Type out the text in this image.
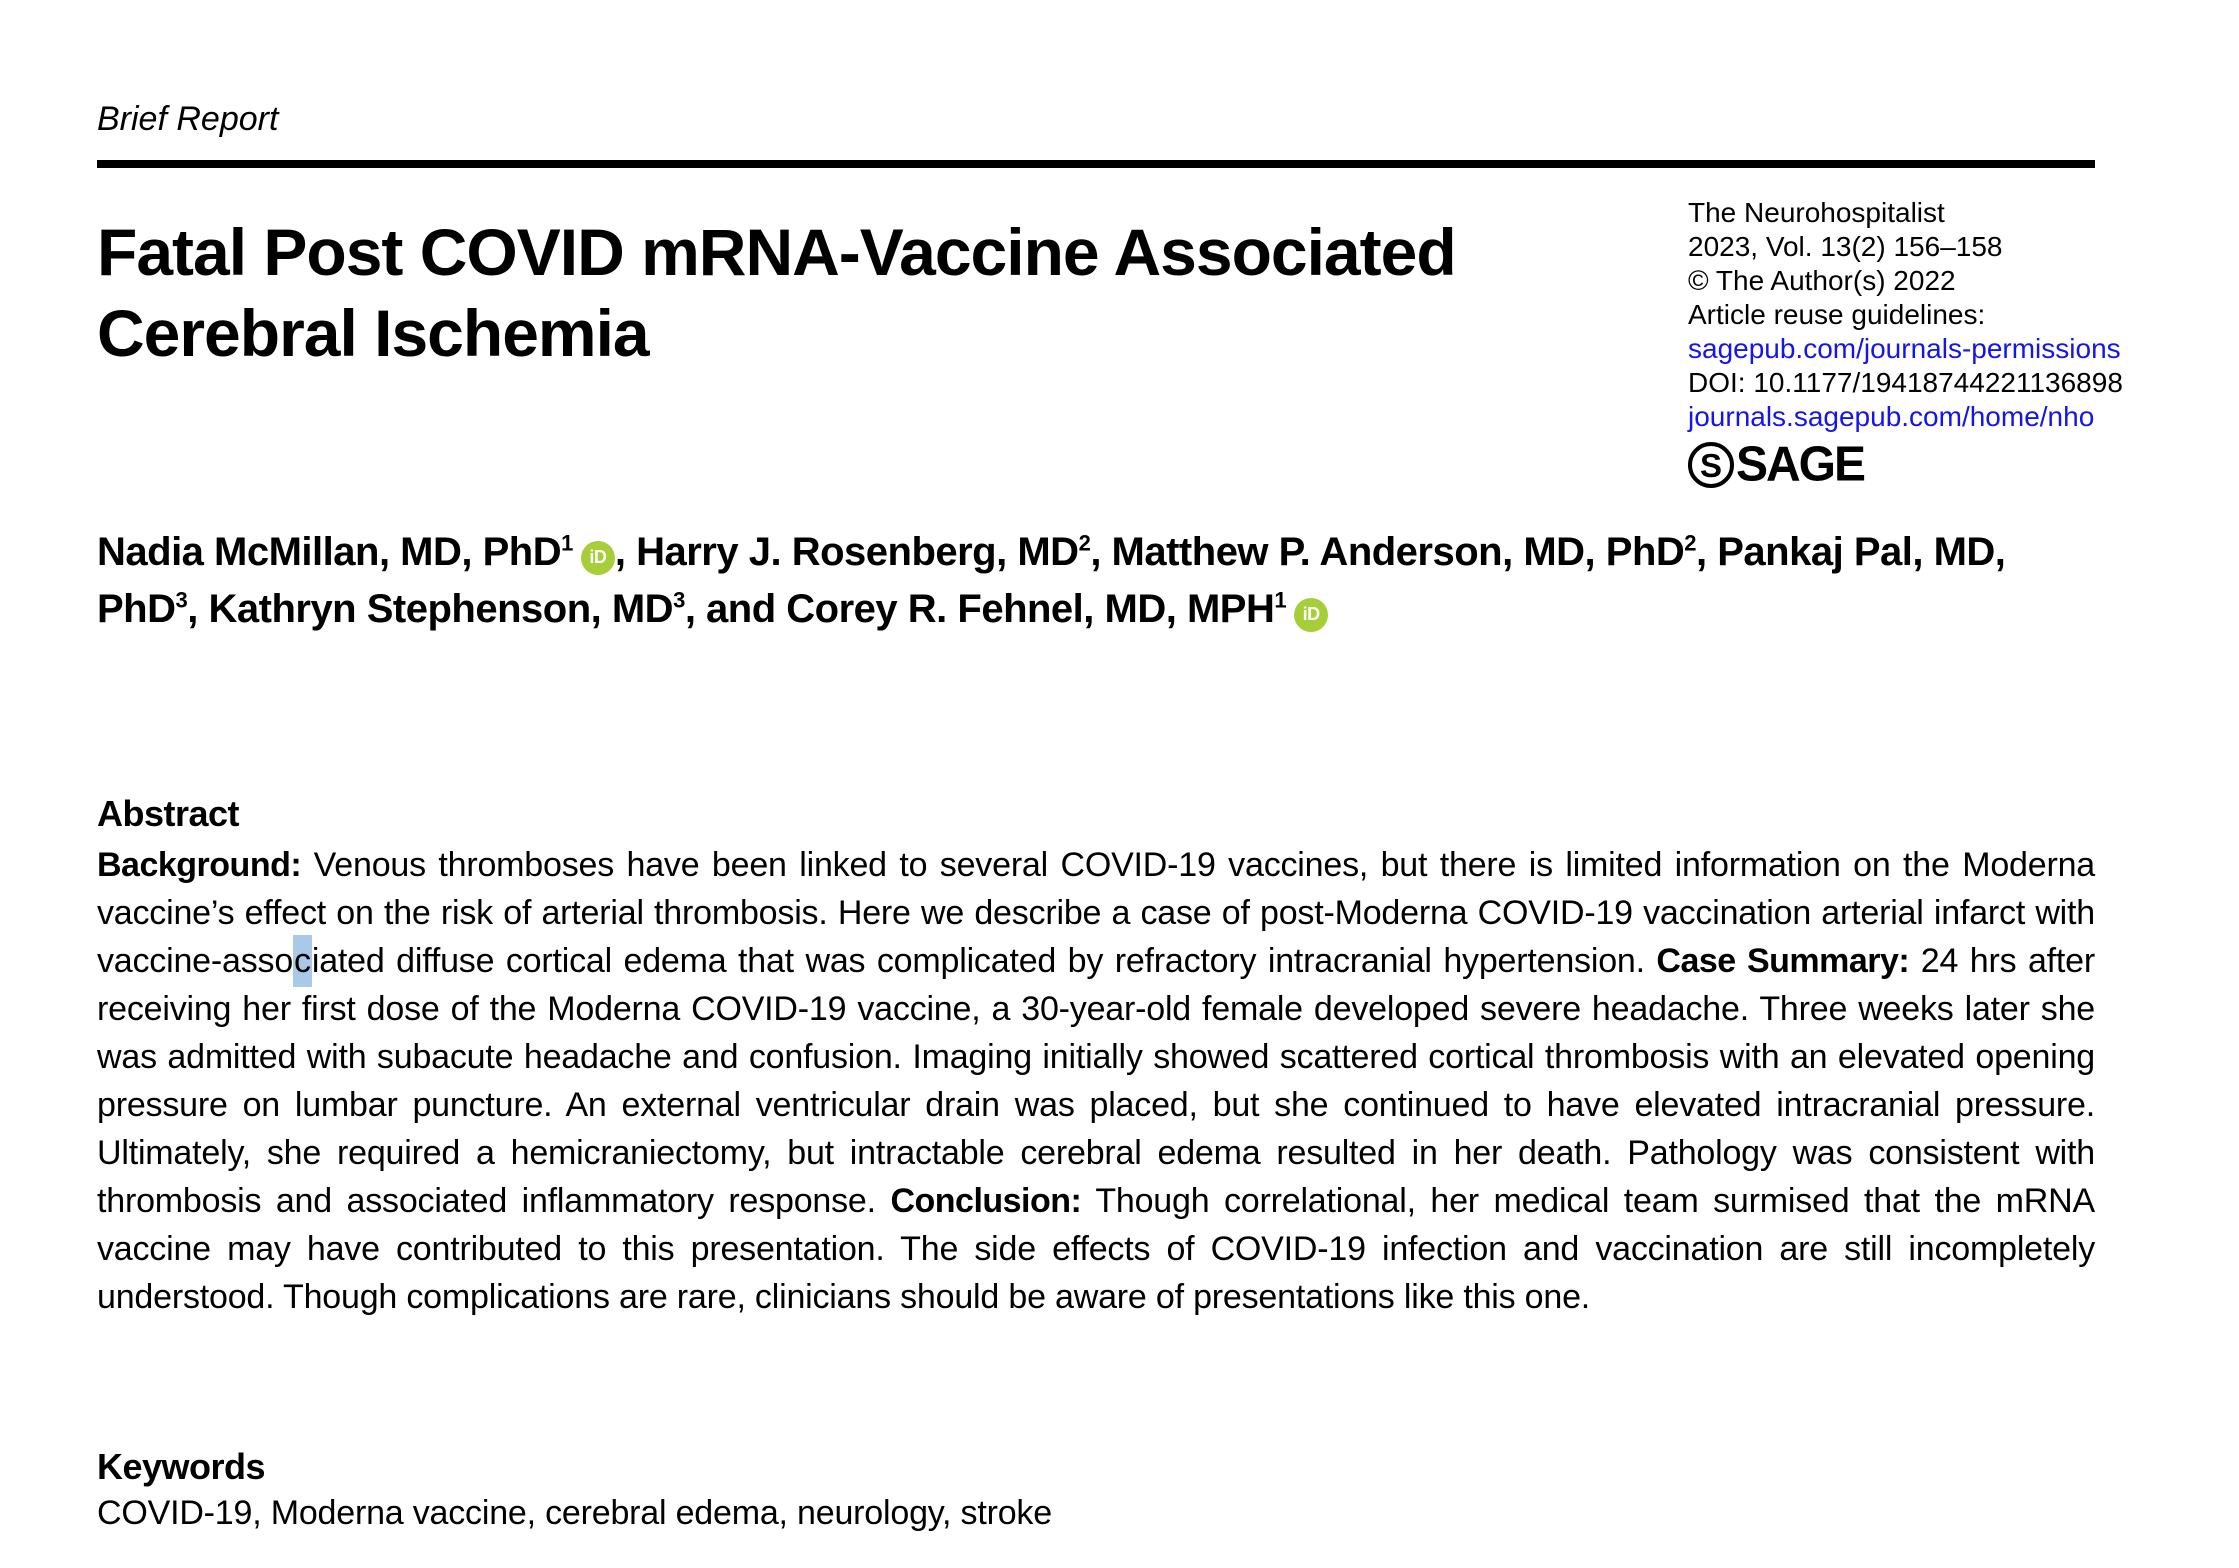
Brief Report
Fatal Post COVID mRNA-Vaccine Associated
Cerebral Ischemia
The Neurohospitalist
2023, Vol. 13(2) 156–158
© The Author(s) 2022
Article reuse guidelines:
sagepub.com/journals-permissions
DOI: 10.1177/19418744221136898
journals.sagepub.com/home/nho
S SAGE
Nadia McMillan, MD, PhD$^1$iD , Harry J. Rosenberg, $MD^2$, Matthew P. Anderson, MD, PhD$^2$, Pankaj Pal, MD, PhD$^3$, Kathryn Stephenson, $MD^3$, and Corey R. Fehnel, MD, MPH$^1$iD
Abstract

Background: Venous thromboses have been linked to several COVID-19 vaccines, but there is limited information on the Moderna vaccine’s effect on the risk of arterial thrombosis. Here we describe a case of post-Moderna COVID-19 vaccination arterial infarct with vaccine-associated diffuse cortical edema that was complicated by refractory intracranial hypertension. Case Summary: 24 hrs after receiving her first dose of the Moderna COVID-19 vaccine, a 30-year-old female developed severe headache. Three weeks later she was admitted with subacute headache and confusion. Imaging initially showed scattered cortical thrombosis with an elevated opening pressure on lumbar puncture. An external ventricular drain was placed, but she continued to have elevated intracranial pressure. Ultimately, she required a hemicraniectomy, but intractable cerebral edema resulted in her death. Pathology was consistent with thrombosis and associated inflammatory response. Conclusion: Though correlational, her medical team surmised that the mRNA vaccine may have contributed to this presentation. The side effects of COVID-19 infection and vaccination are still incompletely understood. Though complications are rare, clinicians should be aware of presentations like this one.

Keywords

COVID-19, Moderna vaccine, cerebral edema, neurology, stroke
